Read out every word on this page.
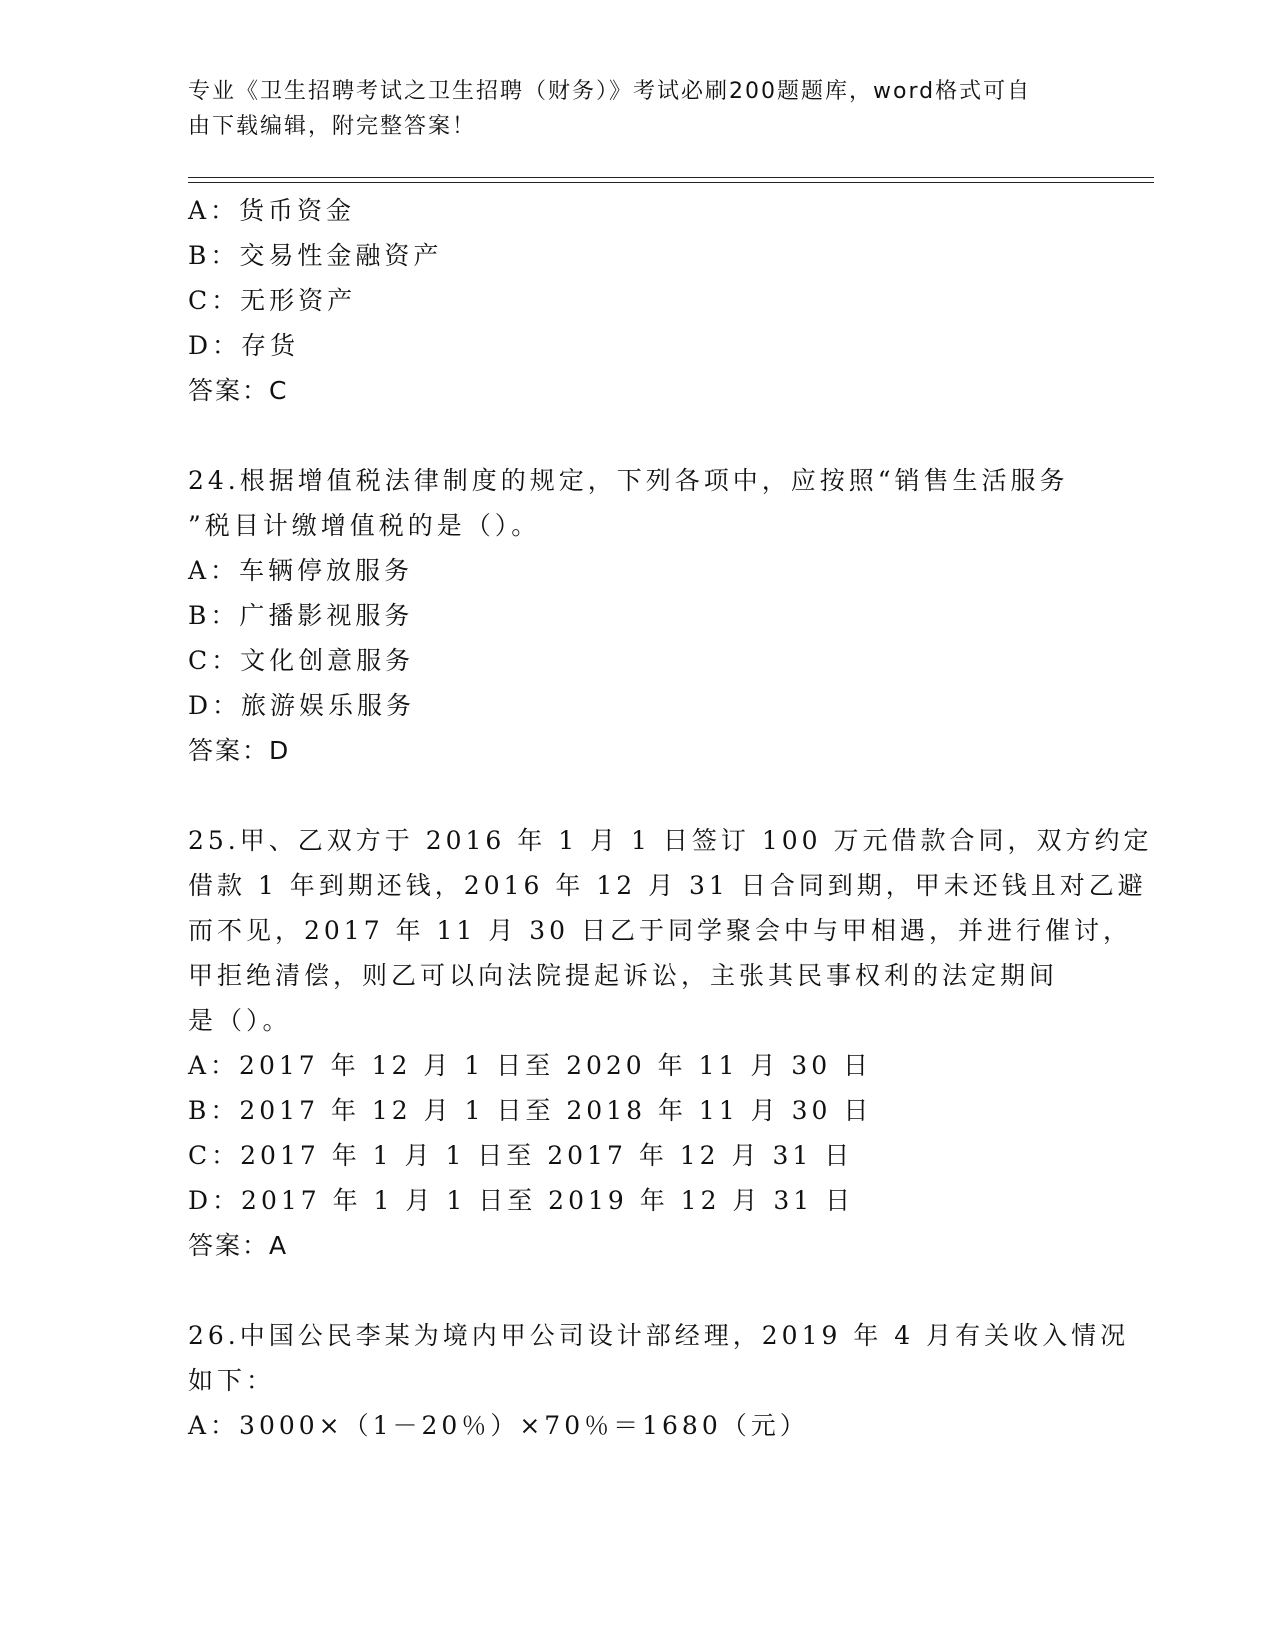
专业《卫生招聘考试之卫生招聘（财务）》考试必刷200题题库，word格式可自
由下载编辑，附完整答案！
A：货币资金
B：交易性金融资产
C：无形资产
D：存货
答案：C
24.根据增值税法律制度的规定，下列各项中，应按照“销售生活服务
”税目计缴增值税的是（）。
A：车辆停放服务
B：广播影视服务
C：文化创意服务
D：旅游娱乐服务
答案：D
25.甲、乙双方于 2016 年 1 月 1 日签订 100 万元借款合同，双方约定
借款 1 年到期还钱，2016 年 12 月 31 日合同到期，甲未还钱且对乙避
而不见，2017 年 11 月 30 日乙于同学聚会中与甲相遇，并进行催讨，
甲拒绝清偿，则乙可以向法院提起诉讼，主张其民事权利的法定期间
是（）。
A：2017 年 12 月 1 日至 2020 年 11 月 30 日
B：2017 年 12 月 1 日至 2018 年 11 月 30 日
C：2017 年 1 月 1 日至 2017 年 12 月 31 日
D：2017 年 1 月 1 日至 2019 年 12 月 31 日
答案：A
26.中国公民李某为境内甲公司设计部经理，2019 年 4 月有关收入情况
如下：
A：3000×（1－20％）×70％＝1680（元）
